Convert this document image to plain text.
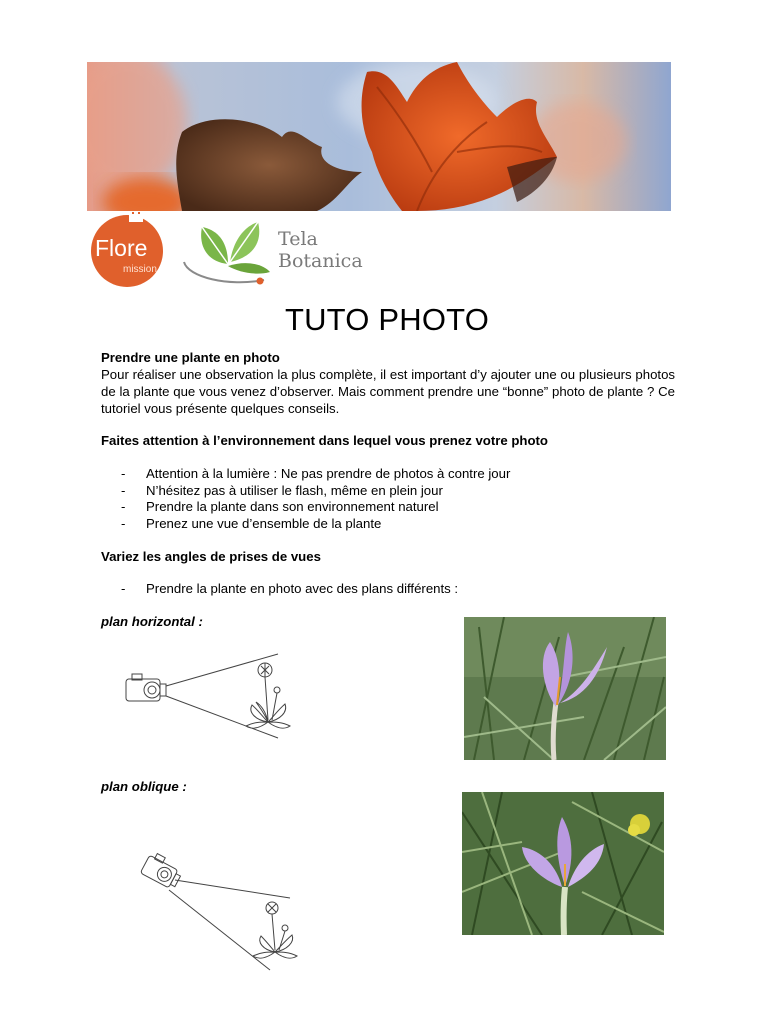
Flore
mission
Tela
Botanica
TUTO PHOTO
Prendre une plante en photo
Pour réaliser une observation la plus complète, il est important d’y ajouter une ou plusieurs photos de la plante que vous venez d’observer. Mais comment prendre une “bonne” photo de plante ? Ce tutoriel vous présente quelques conseils.
Faites attention à l’environnement dans lequel vous prenez votre photo
- Attention à la lumière : Ne pas prendre de photos à contre jour
- N’hésitez pas à utiliser le flash, même en plein jour
- Prendre la plante dans son environnement naturel
- Prenez une vue d’ensemble de la plante
Variez les angles de prises de vues
- Prendre la plante en photo avec des plans différents :
plan horizontal :
plan oblique :
